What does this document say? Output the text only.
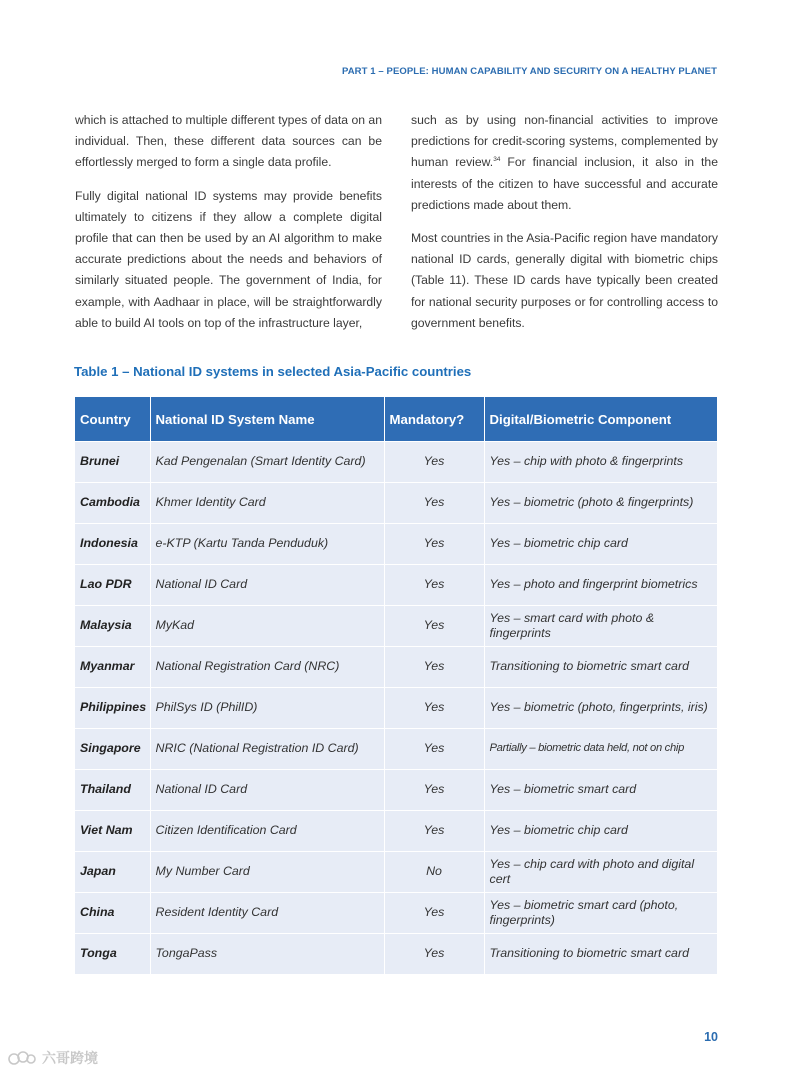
PART 1 – PEOPLE: HUMAN CAPABILITY AND SECURITY ON A HEALTHY PLANET

which is attached to multiple different types of data on an individual. Then, these different data sources can be effortlessly merged to form a single data profile.

Fully digital national ID systems may provide benefits ultimately to citizens if they allow a complete digital profile that can then be used by an AI algorithm to make accurate predictions about the needs and behaviors of similarly situated people. The government of India, for example, with Aadhaar in place, will be straightforwardly able to build AI tools on top of the infrastructure layer,

such as by using non-financial activities to improve predictions for credit-scoring systems, complemented by human review.$^{34}$ For financial inclusion, it also in the interests of the citizen to have successful and accurate predictions made about them.

Most countries in the Asia-Pacific region have mandatory national ID cards, generally digital with biometric chips (Table 11). These ID cards have typically been created for national security purposes or for controlling access to government benefits.

Table 1 – National ID systems in selected Asia-Pacific countries
Country	National ID System Name	Mandatory?	Digital/Biometric Component
Brunei	Kad Pengenalan (Smart Identity Card)	Yes	Yes – chip with photo & fingerprints
Cambodia	Khmer Identity Card	Yes	Yes – biometric (photo & fingerprints)
Indonesia	e-KTP (Kartu Tanda Penduduk)	Yes	Yes – biometric chip card
Lao PDR	National ID Card	Yes	Yes – photo and fingerprint biometrics
Malaysia	MyKad	Yes	Yes – smart card with photo & fingerprints
Myanmar	National Registration Card (NRC)	Yes	Transitioning to biometric smart card
Philippines	PhilSys ID (PhilID)	Yes	Yes – biometric (photo, fingerprints, iris)
Singapore	NRIC (National Registration ID Card)	Yes	Partially – biometric data held, not on chip
Thailand	National ID Card	Yes	Yes – biometric smart card
Viet Nam	Citizen Identification Card	Yes	Yes – biometric chip card
Japan	My Number Card	No	Yes – chip card with photo and digital cert
China	Resident Identity Card	Yes	Yes – biometric smart card (photo, fingerprints)
Tonga	TongaPass	Yes	Transitioning to biometric smart card
10
六哥跨境
